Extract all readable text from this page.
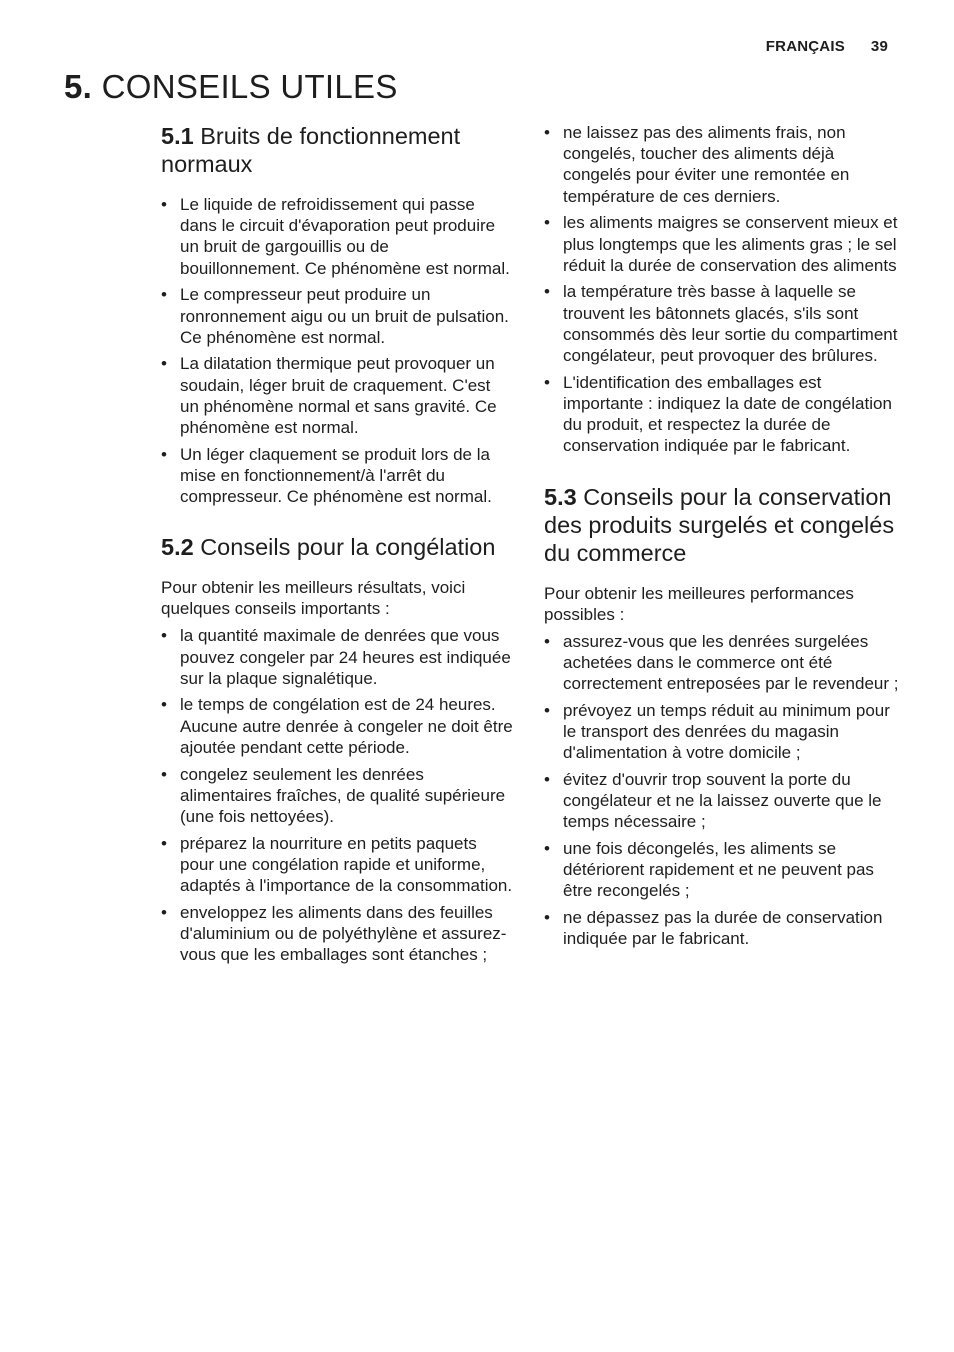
FRANÇAIS 39
5. CONSEILS UTILES
5.1 Bruits de fonctionnement normaux
• Le liquide de refroidissement qui passe dans le circuit d'évaporation peut produire un bruit de gargouillis ou de bouillonnement. Ce phénomène est normal.
• Le compresseur peut produire un ronronnement aigu ou un bruit de pulsation. Ce phénomène est normal.
• La dilatation thermique peut provoquer un soudain, léger bruit de craquement. C'est un phénomène normal et sans gravité. Ce phénomène est normal.
• Un léger claquement se produit lors de la mise en fonctionnement/à l'arrêt du compresseur. Ce phénomène est normal.
5.2 Conseils pour la congélation

Pour obtenir les meilleurs résultats, voici quelques conseils importants :

• la quantité maximale de denrées que vous pouvez congeler par 24 heures est indiquée sur la plaque signalétique.
• le temps de congélation est de 24 heures. Aucune autre denrée à congeler ne doit être ajoutée pendant cette période.
• congelez seulement les denrées alimentaires fraîches, de qualité supérieure (une fois nettoyées).
• préparez la nourriture en petits paquets pour une congélation rapide et uniforme, adaptés à l'importance de la consommation.
• enveloppez les aliments dans des feuilles d'aluminium ou de polyéthylène et assurez-vous que les emballages sont étanches ;
• ne laissez pas des aliments frais, non congelés, toucher des aliments déjà congelés pour éviter une remontée en température de ces derniers.
• les aliments maigres se conservent mieux et plus longtemps que les aliments gras ; le sel réduit la durée de conservation des aliments
• la température très basse à laquelle se trouvent les bâtonnets glacés, s'ils sont consommés dès leur sortie du compartiment congélateur, peut provoquer des brûlures.
• L'identification des emballages est importante : indiquez la date de congélation du produit, et respectez la durée de conservation indiquée par le fabricant.
5.3 Conseils pour la conservation des produits surgelés et congelés du commerce

Pour obtenir les meilleures performances possibles :

• assurez-vous que les denrées surgelées achetées dans le commerce ont été correctement entreposées par le revendeur ;
• prévoyez un temps réduit au minimum pour le transport des denrées du magasin d'alimentation à votre domicile ;
• évitez d'ouvrir trop souvent la porte du congélateur et ne la laissez ouverte que le temps nécessaire ;
• une fois décongelés, les aliments se détériorent rapidement et ne peuvent pas être recongelés ;
• ne dépassez pas la durée de conservation indiquée par le fabricant.
